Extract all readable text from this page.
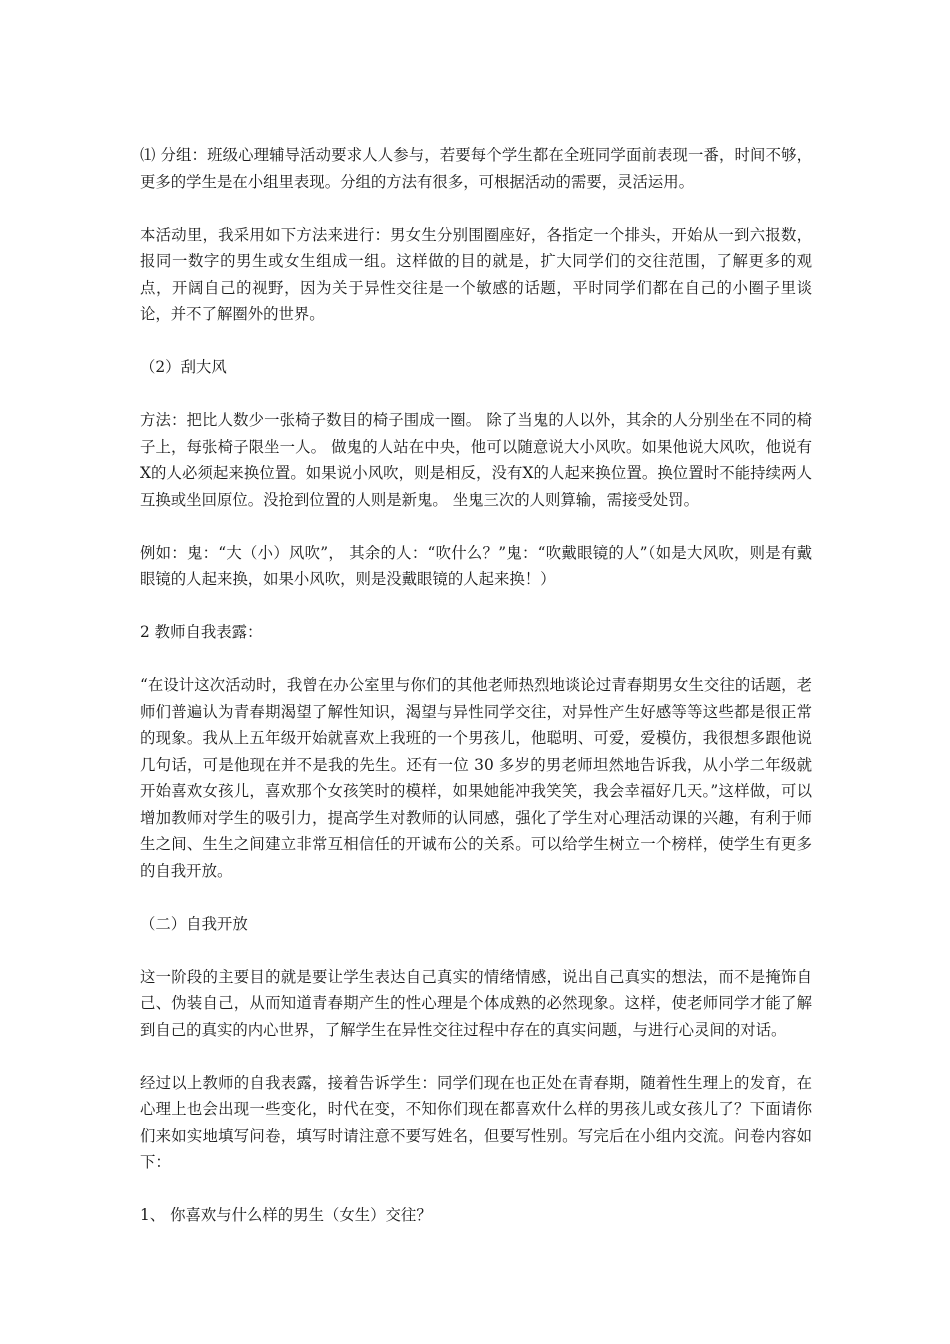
⑴ 分组：班级心理辅导活动要求人人参与，若要每个学生都在全班同学面前表现一番，时间不够，更多的学生是在小组里表现。分组的方法有很多，可根据活动的需要，灵活运用。

本活动里，我采用如下方法来进行：男女生分别围圈座好，各指定一个排头，开始从一到六报数，报同一数字的男生或女生组成一组。这样做的目的就是，扩大同学们的交往范围，了解更多的观点，开阔自己的视野，因为关于异性交往是一个敏感的话题，平时同学们都在自己的小圈子里谈论，并不了解圈外的世界。

（2）刮大风

方法：把比人数少一张椅子数目的椅子围成一圈。 除了当鬼的人以外，其余的人分别坐在不同的椅子上，每张椅子限坐一人。 做鬼的人站在中央，他可以随意说大小风吹。如果他说大风吹，他说有X的人必须起来换位置。如果说小风吹，则是相反，没有X的人起来换位置。换位置时不能持续两人互换或坐回原位。没抢到位置的人则是新鬼。 坐鬼三次的人则算输，需接受处罚。

例如：鬼：“大（小）风吹”， 其余的人：“吹什么？”鬼：“吹戴眼镜的人”（如是大风吹，则是有戴眼镜的人起来换，如果小风吹，则是没戴眼镜的人起来换！）

2 教师自我表露：

“在设计这次活动时，我曾在办公室里与你们的其他老师热烈地谈论过青春期男女生交往的话题，老师们普遍认为青春期渴望了解性知识，渴望与异性同学交往，对异性产生好感等等这些都是很正常的现象。我从上五年级开始就喜欢上我班的一个男孩儿，他聪明、可爱，爱模仿，我很想多跟他说几句话，可是他现在并不是我的先生。还有一位 30 多岁的男老师坦然地告诉我，从小学二年级就开始喜欢女孩儿，喜欢那个女孩笑时的模样，如果她能冲我笑笑，我会幸福好几天。”这样做，可以增加教师对学生的吸引力，提高学生对教师的认同感，强化了学生对心理活动课的兴趣，有利于师生之间、生生之间建立非常互相信任的开诚布公的关系。可以给学生树立一个榜样，使学生有更多的自我开放。

（二）自我开放

这一阶段的主要目的就是要让学生表达自己真实的情绪情感，说出自己真实的想法，而不是掩饰自己、伪装自己，从而知道青春期产生的性心理是个体成熟的必然现象。这样，使老师同学才能了解到自己的真实的内心世界，了解学生在异性交往过程中存在的真实问题，与进行心灵间的对话。

经过以上教师的自我表露，接着告诉学生：同学们现在也正处在青春期，随着性生理上的发育，在心理上也会出现一些变化，时代在变，不知你们现在都喜欢什么样的男孩儿或女孩儿了？下面请你们来如实地填写问卷，填写时请注意不要写姓名，但要写性别。写完后在小组内交流。问卷内容如下：

1、 你喜欢与什么样的男生（女生）交往？
